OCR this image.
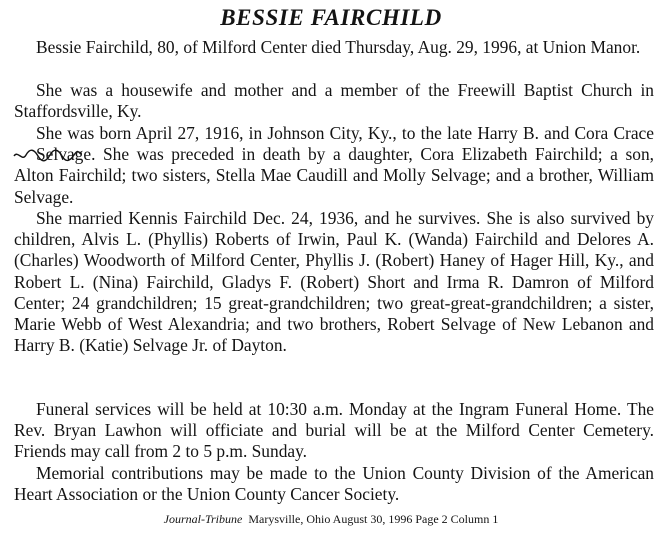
BESSIE FAIRCHILD

Bessie Fairchild, 80, of Milford Center died Thursday, Aug. 29, 1996, at Union Manor.

She was a housewife and mother and a member of the Freewill Baptist Church in Staffordsville, Ky.

She was born April 27, 1916, in Johnson City, Ky., to the late Harry B. and Cora Crace Selvage
. She was preceded in death by a daughter, Cora Elizabeth Fairchild; a son, Alton Fairchild; two sisters, Stella Mae Caudill and Molly Selvage; and a brother, William Selvage.

She married Kennis Fairchild Dec. 24, 1936, and he survives. She is also survived by children, Alvis L. (Phyllis) Roberts of Irwin, Paul K. (Wanda) Fairchild and Delores A. (Charles) Woodworth of Milford Center, Phyllis J. (Robert) Haney of Hager Hill, Ky., and Robert L. (Nina) Fairchild, Gladys F. (Robert) Short and Irma R. Damron of Milford Center; 24 grandchildren; 15 great-grandchildren; two great-great-grandchildren; a sister, Marie Webb of West Alexandria; and two brothers, Robert Selvage of New Lebanon and Harry B. (Katie) Selvage Jr. of Dayton.

Funeral services will be held at 10:30 a.m. Monday at the Ingram Funeral Home. The Rev. Bryan Lawhon will officiate and burial will be at the Milford Center Cemetery. Friends may call from 2 to 5 p.m. Sunday.

Memorial contributions may be made to the Union County Division of the American Heart Association or the Union County Cancer Society.

Journal-Tribune Marysville, Ohio August 30, 1996 Page 2 Column 1
